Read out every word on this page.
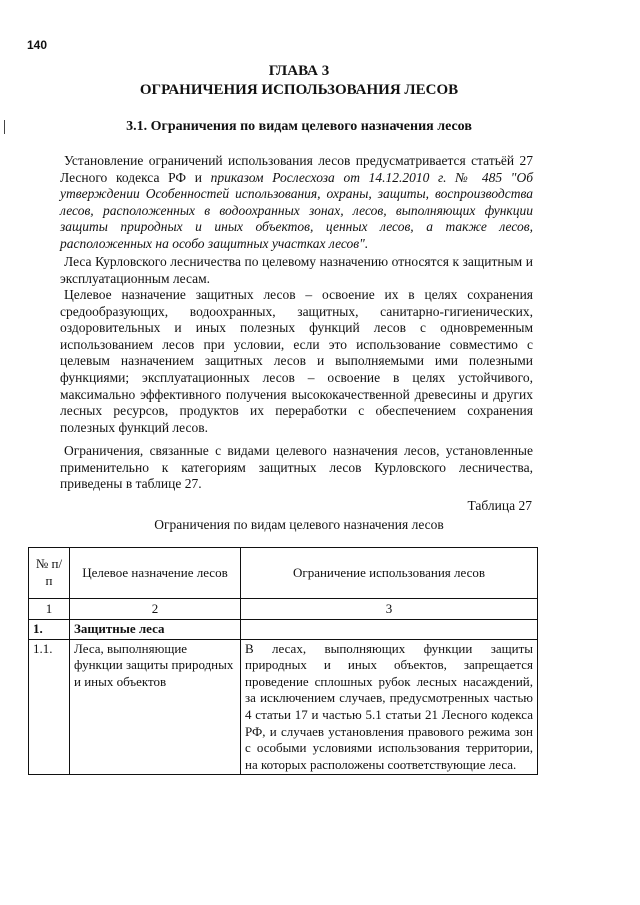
140
ГЛАВА 3
ОГРАНИЧЕНИЯ ИСПОЛЬЗОВАНИЯ ЛЕСОВ
3.1. Ограничения по видам целевого назначения лесов
Установление ограничений использования лесов предусматривается статьёй 27 Лесного кодекса РФ и приказом Рослесхоза от 14.12.2010 г. № 485 "Об утверждении Особенностей использования, охраны, защиты, воспроизводства лесов, расположенных в водоохранных зонах, лесов, выполняющих функции защиты природных и иных объектов, ценных лесов, а также лесов, расположенных на особо защитных участках лесов".
Леса Курловского лесничества по целевому назначению относятся к защитным и эксплуатационным лесам.
Целевое назначение защитных лесов – освоение их в целях сохранения средообразующих, водоохранных, защитных, санитарно-гигиенических, оздоровительных и иных полезных функций лесов с одновременным использованием лесов при условии, если это использование совместимо с целевым назначением защитных лесов и выполняемыми ими полезными функциями; эксплуатационных лесов – освоение в целях устойчивого, максимально эффективного получения высококачественной древесины и других лесных ресурсов, продуктов их переработки с обеспечением сохранения полезных функций лесов.
Ограничения, связанные с видами целевого назначения лесов, установленные применительно к категориям защитных лесов Курловского лесничества, приведены в таблице 27.
Таблица 27
Ограничения по видам целевого назначения лесов
№ п/п	Целевое назначение лесов	Ограничение использования лесов
1	2	3
1.	Защитные леса	
1.1.	Леса, выполняющие функции защиты природных и иных объектов	В лесах, выполняющих функции защиты природных и иных объектов, запрещается проведение сплошных рубок лесных насаждений, за исключением случаев, предусмотренных частью 4 статьи 17 и частью 5.1 статьи 21 Лесного кодекса РФ, и случаев установления правового режима зон с особыми условиями использования территории, на которых расположены соответствующие леса.
